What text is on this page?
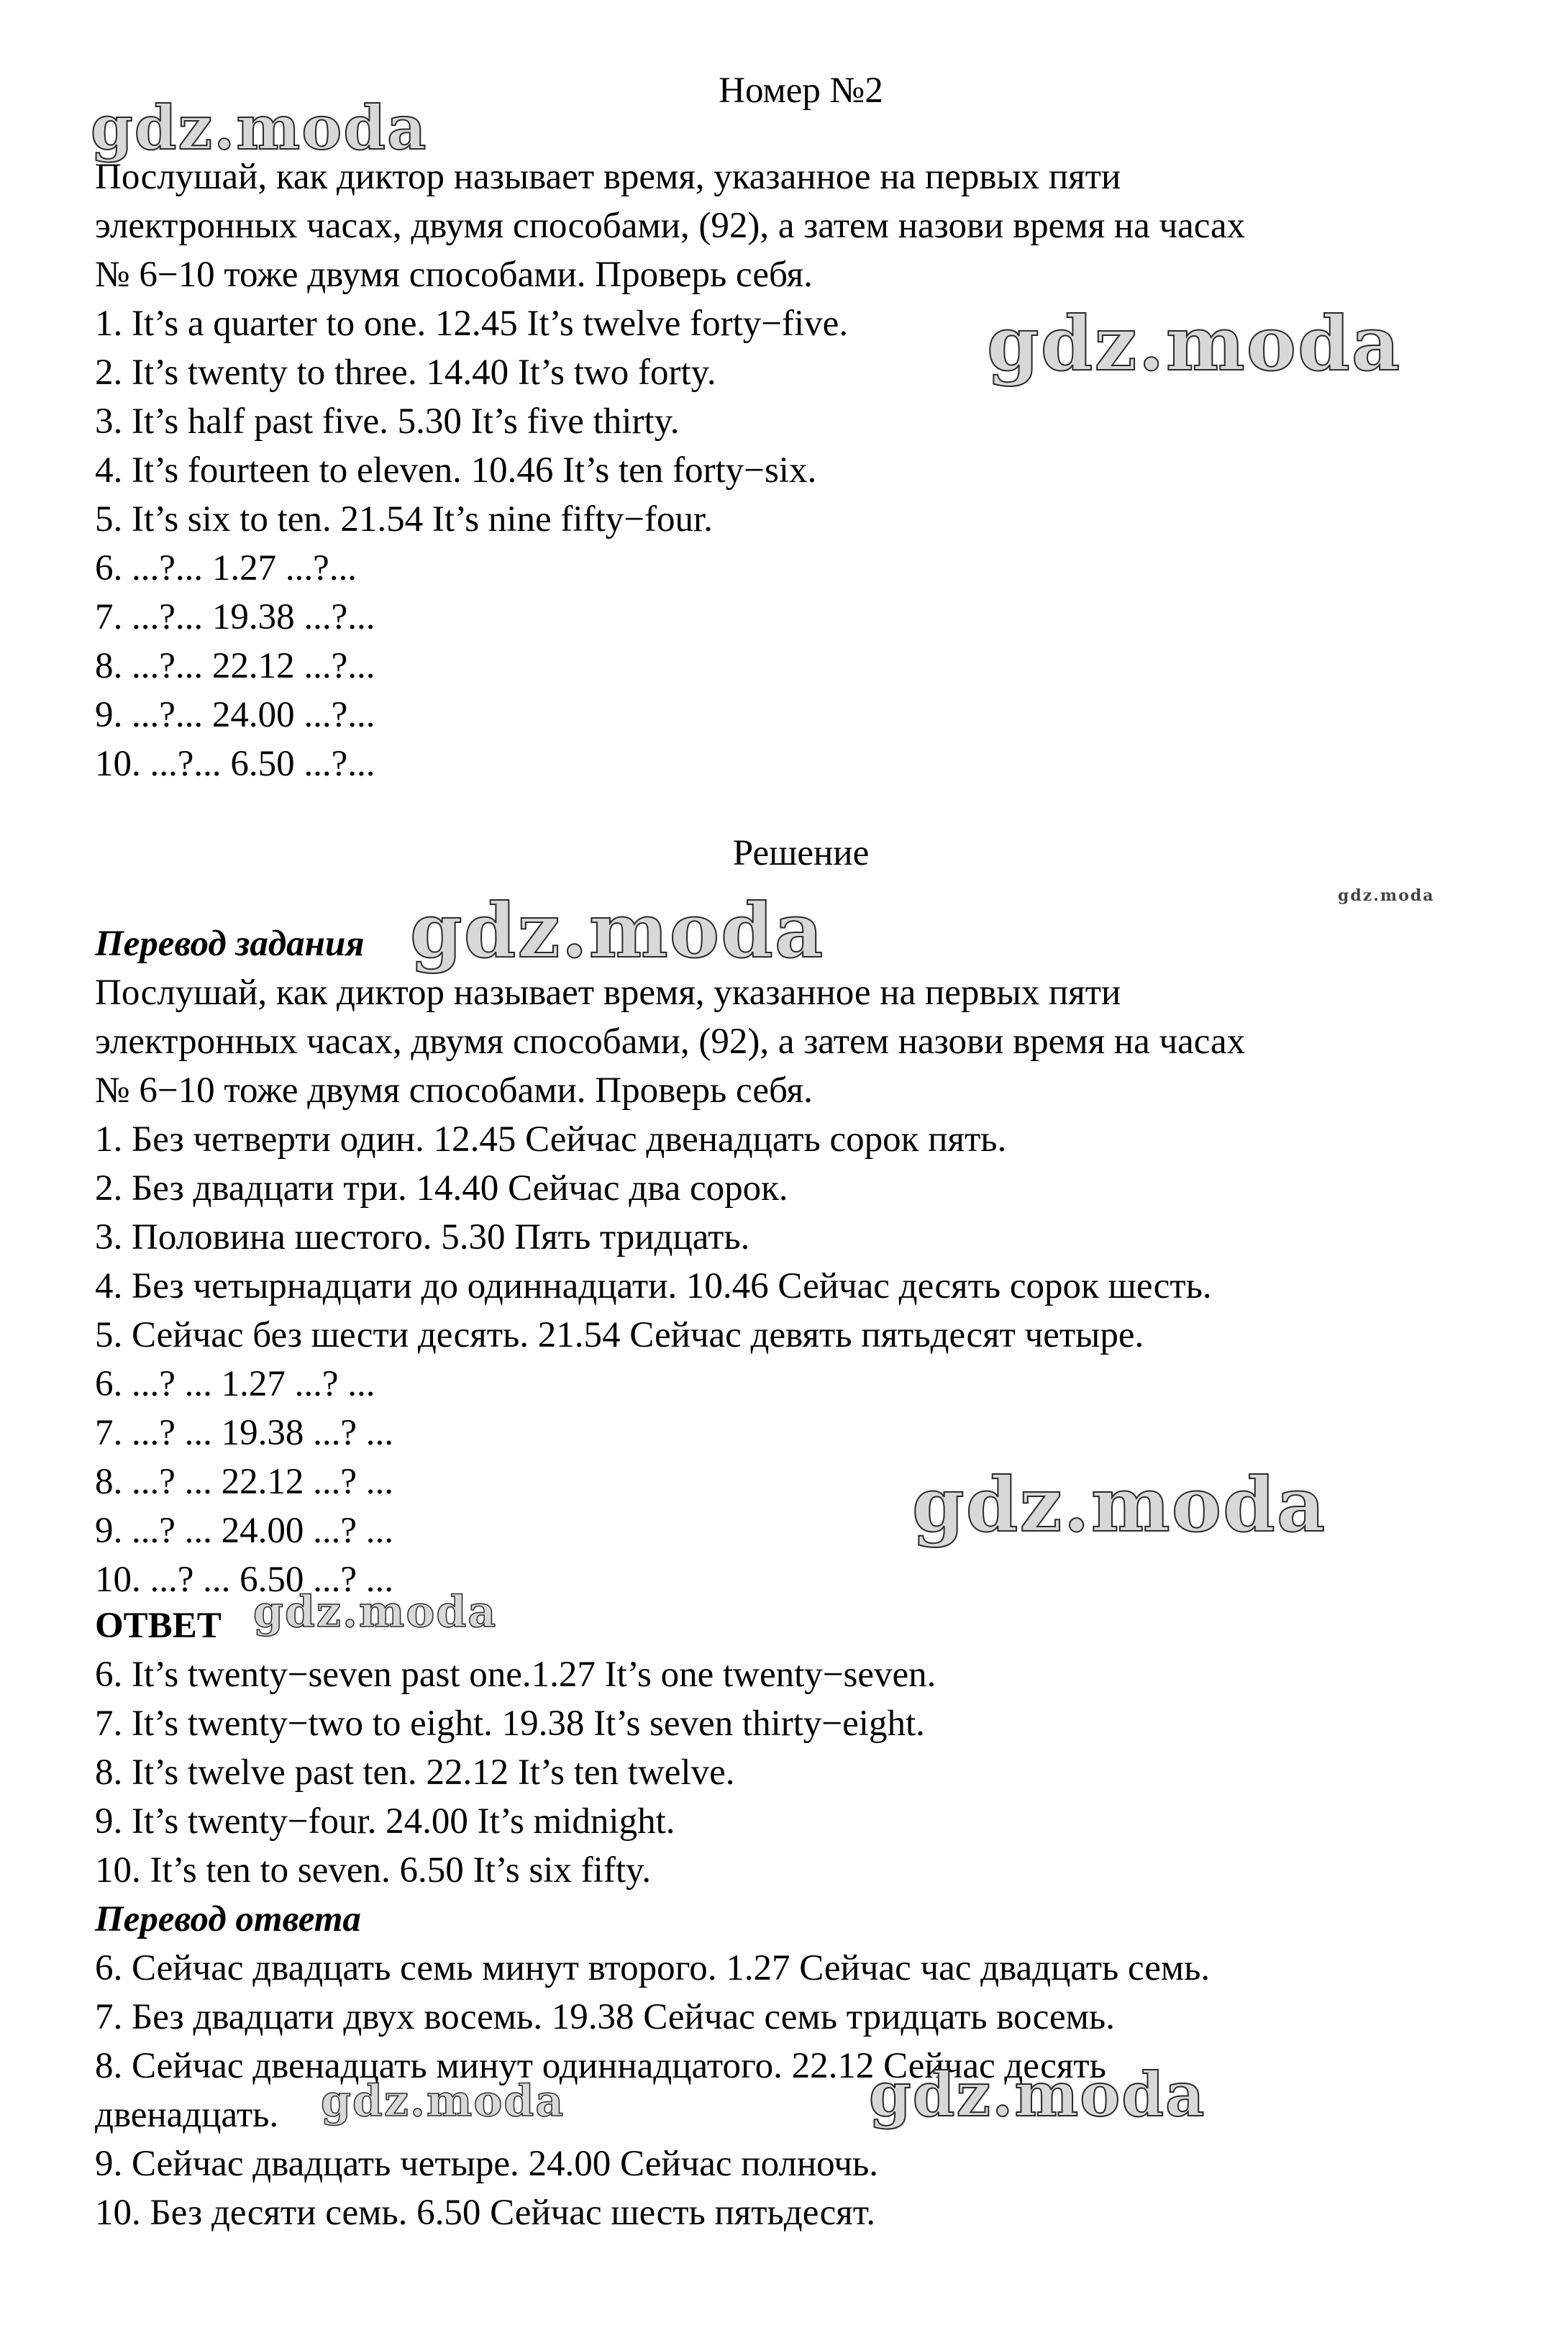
Номер №2
Послушай, как диктор называет время, указанное на первых пяти
электронных часах, двумя способами, (92), а затем назови время на часах
№ 6−10 тоже двумя способами. Проверь себя.
1. It’s a quarter to one. 12.45 It’s twelve forty−five.
2. It’s twenty to three. 14.40 It’s two forty.
3. It’s half past five. 5.30 It’s five thirty.
4. It’s fourteen to eleven. 10.46 It’s ten forty−six.
5. It’s six to ten. 21.54 It’s nine fifty−four.
6. ...?... 1.27 ...?...
7. ...?... 19.38 ...?...
8. ...?... 22.12 ...?...
9. ...?... 24.00 ...?...
10. ...?... 6.50 ...?...
Решение
Перевод задания
Послушай, как диктор называет время, указанное на первых пяти
электронных часах, двумя способами, (92), а затем назови время на часах
№ 6−10 тоже двумя способами. Проверь себя.
1. Без четверти один. 12.45 Сейчас двенадцать сорок пять.
2. Без двадцати три. 14.40 Сейчас два сорок.
3. Половина шестого. 5.30 Пять тридцать.
4. Без четырнадцати до одиннадцати. 10.46 Сейчас десять сорок шесть.
5. Сейчас без шести десять. 21.54 Сейчас девять пятьдесят четыре.
6. ...? ... 1.27 ...? ...
7. ...? ... 19.38 ...? ...
8. ...? ... 22.12 ...? ...
9. ...? ... 24.00 ...? ...
10. ...? ... 6.50 ...? ...
ОТВЕТ
6. It’s twenty−seven past one.1.27 It’s one twenty−seven.
7. It’s twenty−two to eight. 19.38 It’s seven thirty−eight.
8. It’s twelve past ten. 22.12 It’s ten twelve.
9. It’s twenty−four. 24.00 It’s midnight.
10. It’s ten to seven. 6.50 It’s six fifty.
Перевод ответа
6. Сейчас двадцать семь минут второго. 1.27 Сейчас час двадцать семь.
7. Без двадцати двух восемь. 19.38 Сейчас семь тридцать восемь.
8. Сейчас двенадцать минут одиннадцатого. 22.12 Сейчас десять
двенадцать.
9. Сейчас двадцать четыре. 24.00 Сейчас полночь.
10. Без десяти семь. 6.50 Сейчас шесть пятьдесят.
gdz.moda
gdz.moda
gdz.moda
gdz.moda
gdz.moda
gdz.moda
gdz.moda	gdz.moda
